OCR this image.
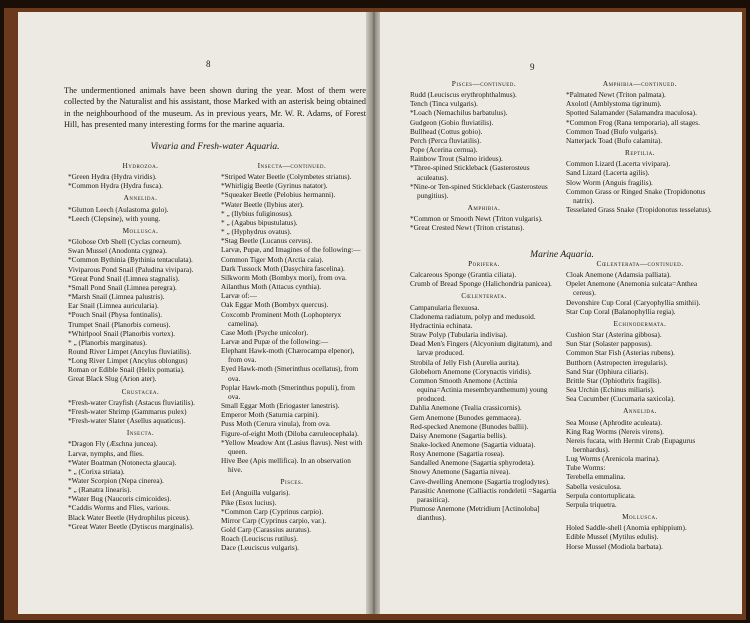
8
The undermentioned animals have been shown during the year. Most of them were collected by the Naturalist and his assistant, those Marked with an asterisk being obtained in the neighbourhood of the museum. As in previous years, Mr. W. R. Adams, of Forest Hill, has presented many interesting forms for the marine aquaria.
Vivaria and Fresh-water Aquaria.
Hydrozoa.
*Green Hydra (Hydra viridis).
*Common Hydra (Hydra fusca).
Annelida.
*Glutton Leech (Aulastoma gulo).
*Leech (Clepsine), with young.
Mollusca.
*Globose Orb Shell (Cyclas corneum).
Swan Mussel (Anodonta cygnea).
*Common Bythinia (Bythinia tentaculata).
Viviparous Pond Snail (Paludina vivipara).
*Great Pond Snail (Limnea stagnalis).
*Small Pond Snail (Limnea peregra).
*Marsh Snail (Limnea palustris).
Ear Snail (Limnea auricularia).
*Pouch Snail (Physa fontinalis).
Trumpet Snail (Planorbis corneus).
*Whirlpool Snail (Planorbis vortex).
* „ (Planorbis marginatus).
Round River Limpet (Ancylus fluviatilis).
*Long River Limpet (Ancylus oblongus)
Roman or Edible Snail (Helix pomatia).
Great Black Slug (Arion ater).
Crustacea.
*Fresh-water Crayfish (Astacus fluviatilis).
*Fresh-water Shrimp (Gammarus pulex)
*Fresh-water Slater (Asellus aquaticus).
Insecta.
*Dragon Fly (Æschna juncea).
Larvæ, nymphs, and flies.
*Water Boatman (Notonecta glauca).
* „ (Corixa striata).
*Water Scorpion (Nepa cinerea).
* „ (Ranatra linearis).
*Water Bug (Naucoris cimicoides).
*Caddis Worms and Flies, various.
Black Water Beetle (Hydrophilus piceus).
*Great Water Beetle (Dytiscus marginalis).
Insecta—continued.
*Striped Water Beetle (Colymbetes striatus).
*Whirligig Beetle (Gyrinus natator).
*Squeaker Beetle (Pelobius hermanni).
*Water Beetle (Ilybius ater).
* „ (Ilybius fuliginosus).
* „ (Agabus bipustulatus).
* „ (Hyphydrus ovatus).
*Stag Beetle (Lucanus cervus).
Larvæ, Pupæ, and Imagines of the following:—
Common Tiger Moth (Arctia caia).
Dark Tussock Moth (Dasychira fascelina).
Silkworm Moth (Bombyx mori), from ova.
Ailanthus Moth (Attacus cynthia).
Larvæ of:—
Oak Eggar Moth (Bombyx quercus).
Coxcomb Prominent Moth (Lophopteryx camelina).
Case Moth (Psyche unicolor).
Larvæ and Pupæ of the following:—
Elephant Hawk-moth (Chærocampa elpenor), from ova.
Eyed Hawk-moth (Smerinthus ocellatus), from ova.
Poplar Hawk-moth (Smerinthus populi), from ova.
Small Eggar Moth (Eriogaster lanestris).
Emperor Moth (Saturnia carpini).
Puss Moth (Cerura vinula), from ova.
Figure-of-eight Moth (Diloba cæruleocephala).
*Yellow Meadow Ant (Lasius flavus). Nest with queen.
Hive Bee (Apis mellifica). In an observation hive.
Pisces.
Eel (Anguilla vulgaris).
Pike (Esox lucius).
*Common Carp (Cyprinus carpio).
Mirror Carp (Cyprinus carpio, var.).
Gold Carp (Carassius auratus).
Roach (Leuciscus rutilus).
Dace (Leuciscus vulgaris).
9
Pisces—continued.
Rudd (Leuciscus erythrophthalmus).
Tench (Tinca vulgaris).
*Loach (Nemachilus barbatulus).
Gudgeon (Gobio fluviatilis).
Bullhead (Cottus gobio).
Perch (Perca fluviatilis).
Pope (Acerina cernua).
Rainbow Trout (Salmo irideus).
*Three-spined Stickleback (Gasterosteus aculeatus).
*Nine-or Ten-spined Stickleback (Gasterosteus pungitius).
Amphibia.
*Common or Smooth Newt (Triton vulgaris).
*Great Crested Newt (Triton cristatus).
Amphibia—continued.
*Palmated Newt (Triton palmata).
Axolotl (Amblystoma tigrinum).
Spotted Salamander (Salamandra maculosa).
*Common Frog (Rana temporaria), all stages.
Common Toad (Bufo vulgaris).
Natterjack Toad (Bufo calamita).
Reptilia.
Common Lizard (Lacerta vivipara).
Sand Lizard (Lacerta agilis).
Slow Worm (Anguis fragilis).
Common Grass or Ringed Snake (Tropidonotus natrix).
Tesselated Grass Snake (Tropidonotus tesselatus).
Marine Aquaria.
Porifera.
Calcareous Sponge (Grantia ciliata).
Crumb of Bread Sponge (Halichondria panicea).
Cœlenterata.
Campanularia flexuosa.
Cladonema radiatum, polyp and medusoid.
Hydractinia echinata.
Straw Polyp (Tubularia indivisa).
Dead Men's Fingers (Alcyonium digitatum), and larvæ produced.
Strobila of Jelly Fish (Aurelia aurita).
Globehorn Anemone (Corynactis viridis).
Common Smooth Anemone (Actinia equina=Actinia mesembryanthemum) young produced.
Dahlia Anemone (Tealia crassicornis).
Gem Anemone (Bunodes gemmacea).
Red-specked Anemone (Bunodes ballii).
Daisy Anemone (Sagartia bellis).
Snake-locked Anemone (Sagartia viduata).
Rosy Anemone (Sagartia rosea).
Sandalled Anemone (Sagartia sphyrodeta).
Snowy Anemone (Sagartia nivea).
Cave-dwelling Anemone (Sagartia troglodytes).
Parasitic Anemone (Calliactis rondeletii =Sagartia parasitica).
Plumose Anemone (Metridium [Actinoloba] dianthus).
Cœlenterata—continued.
Cloak Anemone (Adamsia palliata).
Opelet Anemone (Anemonia sulcata=Anthea cereus).
Devonshire Cup Coral (Caryophyllia smithii).
Star Cup Coral (Balanophyllia regia).
Echinodermata.
Cushion Star (Asterina gibbosa).
Sun Star (Solaster papposus).
Common Star Fish (Asterias rubens).
Butthorn (Astropecten irregularis).
Sand Star (Ophiura ciliaris).
Brittle Star (Ophiothrix fragilis).
Sea Urchin (Echinus miliaris).
Sea Cucumber (Cucumaria saxicola).
Annelida.
Sea Mouse (Aphrodite aculeata).
King Rag Worms (Nereis virens).
Nereis fucata, with Hermit Crab (Eupagurus bernhardus).
Lug Worms (Arenicola marina).
Tube Worms:
Terebella emmalina.
Sabella vesiculosa.
Serpula contortuplicata.
Serpula triquetra.
Mollusca.
Holed Saddle-shell (Anomia ephippium).
Edible Mussel (Mytilus edulis).
Horse Mussel (Modiola barbata).
